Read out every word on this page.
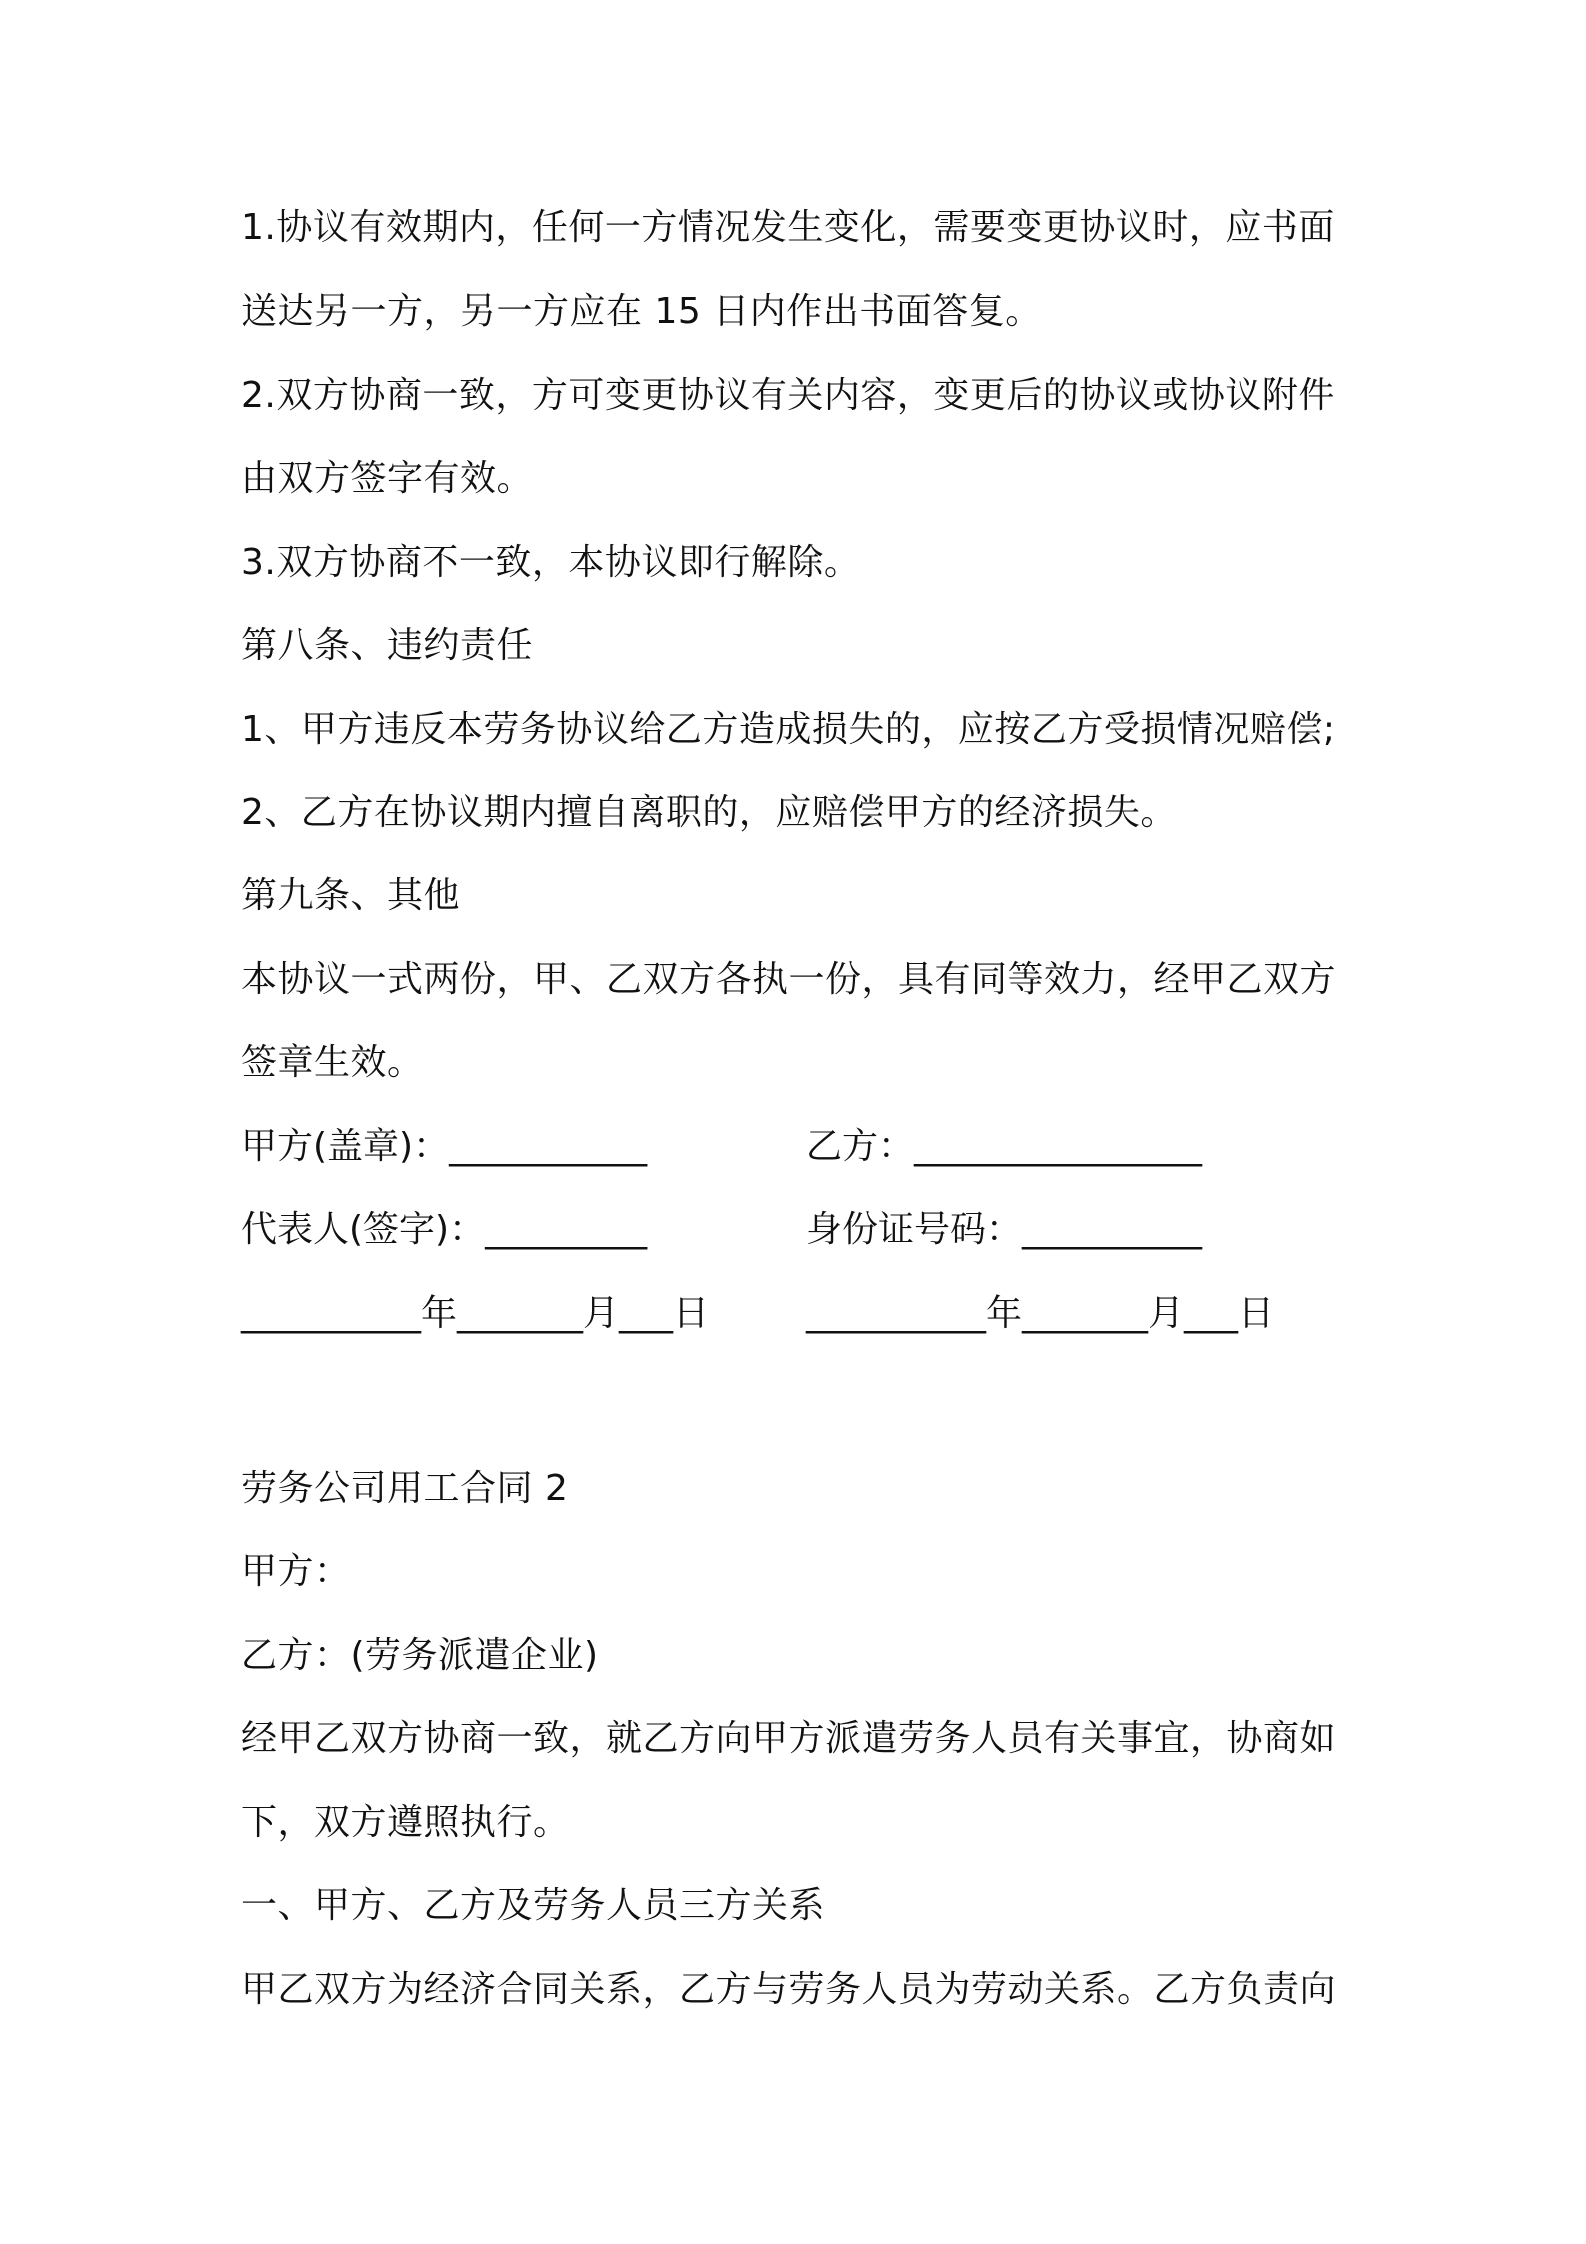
1.协议有效期内，任何一方情况发生变化，需要变更协议时，应书面
送达另一方，另一方应在 15 日内作出书面答复。
2.双方协商一致，方可变更协议有关内容，变更后的协议或协议附件
由双方签字有效。
3.双方协商不一致，本协议即行解除。
第八条、违约责任
1、甲方违反本劳务协议给乙方造成损失的，应按乙方受损情况赔偿;
2、乙方在协议期内擅自离职的，应赔偿甲方的经济损失。
第九条、其他
本协议一式两份，甲、乙双方各执一份，具有同等效力，经甲乙双方
签章生效。
甲方(盖章)：___________	乙方：________________
代表人(签字)：_________	身份证号码：__________
__________年_______月___日	__________年_______月___日
劳务公司用工合同 2
甲方：
乙方：(劳务派遣企业)
经甲乙双方协商一致，就乙方向甲方派遣劳务人员有关事宜，协商如
下，双方遵照执行。
一、甲方、乙方及劳务人员三方关系
甲乙双方为经济合同关系，乙方与劳务人员为劳动关系。乙方负责向
